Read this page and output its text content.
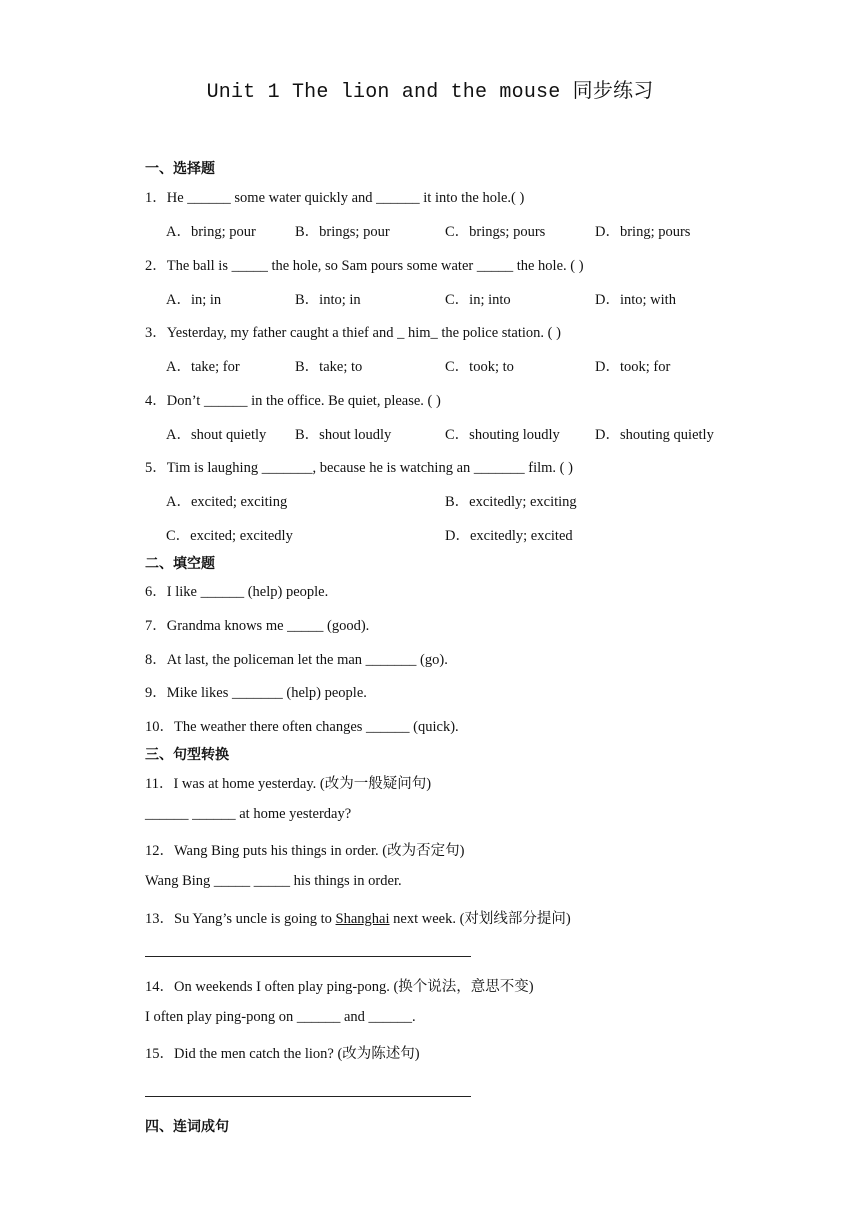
Unit 1 The lion and the mouse 同步练习
一、选择题
1．He ______ some water quickly and ______ it into the hole.( )
A．bring; pour	B．brings; pour	C．brings; pours	D．bring; pours
2．The ball is _____ the hole, so Sam pours some water _____ the hole. ( )
A．in; in	B．into; in	C．in; into	D．into; with
3．Yesterday, my father caught a thief and _ him_ the police station. ( )
A．take; for	B．take; to	C．took; to	D．took; for
4．Don’t ______ in the office. Be quiet, please. ( )
A．shout quietly B．shout loudly	C．shouting loudly D．shouting quietly
5．Tim is laughing _______, because he is watching an _______ film. ( )
A．excited; exciting	B．excitedly; exciting
C．excited; excitedly	D．excitedly; excited
二、填空题
6．I like ______ (help) people.
7．Grandma knows me _____ (good).
8．At last, the policeman let the man _______ (go).
9．Mike likes _______ (help) people.
10．The weather there often changes ______ (quick).
三、句型转换
11．I was at home yesterday. (改为一般疑问句)
______ ______ at home yesterday?
12．Wang Bing puts his things in order. (改为否定句)
Wang Bing _____ _____ his things in order.
13．Su Yang’s uncle is going to Shanghai next week. (对划线部分提问)
14．On weekends I often play ping-pong. (换个说法，意思不变)
I often play ping-pong on ______ and ______.
15．Did the men catch the lion? (改为陈述句)
四、连词成句
